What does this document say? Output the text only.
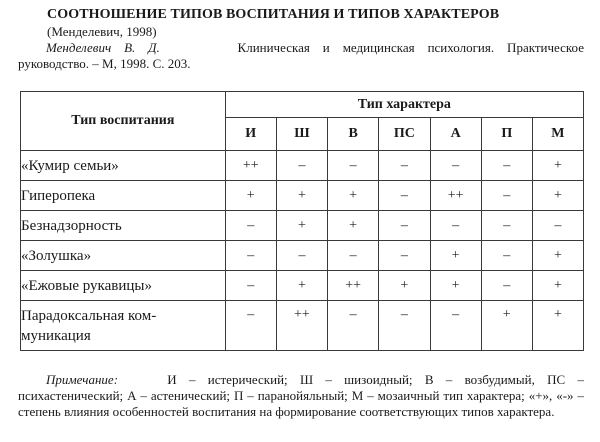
СООТНОШЕНИЕ ТИПОВ ВОСПИТАНИЯ И ТИПОВ ХАРАКТЕРОВ
(Менделевич, 1998)
Менделевич В. Д.	Клиническая и медицинская психология. Практическое
руководство. – М, 1998. С. 203.
Тип воспитания	Тип характера						
	И	Ш	В	ПС	А	П	М
«Кумир семьи»	++	–	–	–	–	–	+
Гиперопека	+	+	+	–	++	–	+
Безнадзорность	–	+	+	–	–	–	–
«Золушка»	–	–	–	–	+	–	+
«Ежовые рукавицы»	–	+	++	+	+	–	+
Парадоксальная ком-
муникация	–	++	–	–	–	+	+
Примечание:	И – истерический; Ш – шизоидный; В – возбудимый, ПС –
психастенический; А – астенический; П – паранойяльный; М – мозаичный тип характера; «+», «-» – степень влияния особенностей воспитания на формирование соответствующих типов характера.
